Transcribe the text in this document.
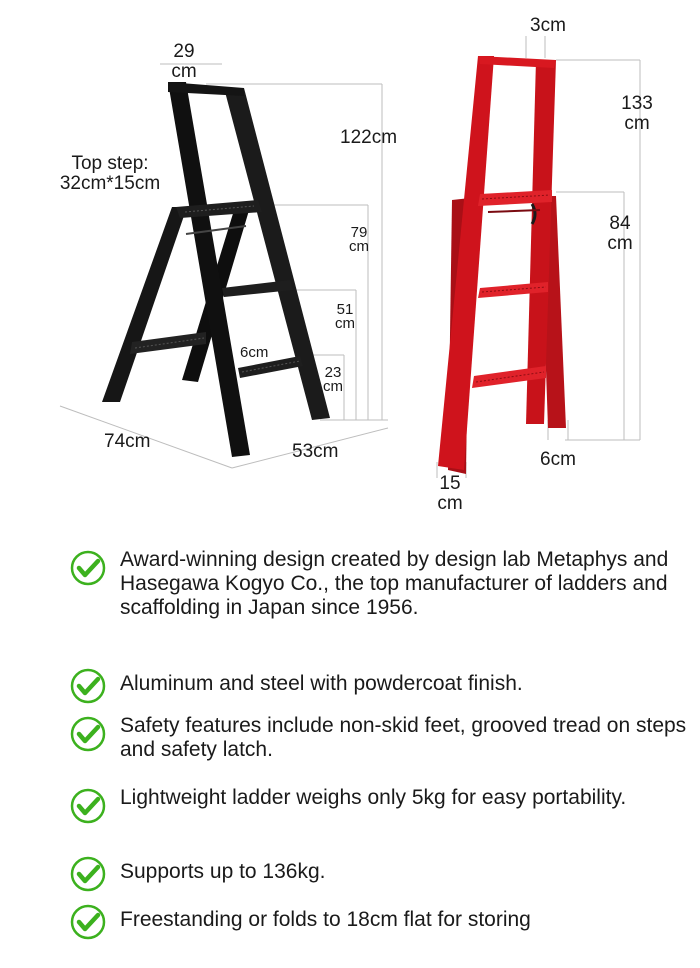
29
cm
122cm
Top step:
32cm*15cm
79
cm
51
cm
6cm
23
cm
74cm	53cm
3cm
133
cm
84
cm
6cm
15
cm
Award-winning design created by design lab Metaphys and Hasegawa Kogyo Co., the top manufacturer of ladders and scaffolding in Japan since 1956.
Aluminum and steel with powdercoat finish.
Safety features include non-skid feet, grooved tread on steps and safety latch.
Lightweight ladder weighs only 5kg for easy portability.
Supports up to 136kg.
Freestanding or folds to 18cm flat for storing
